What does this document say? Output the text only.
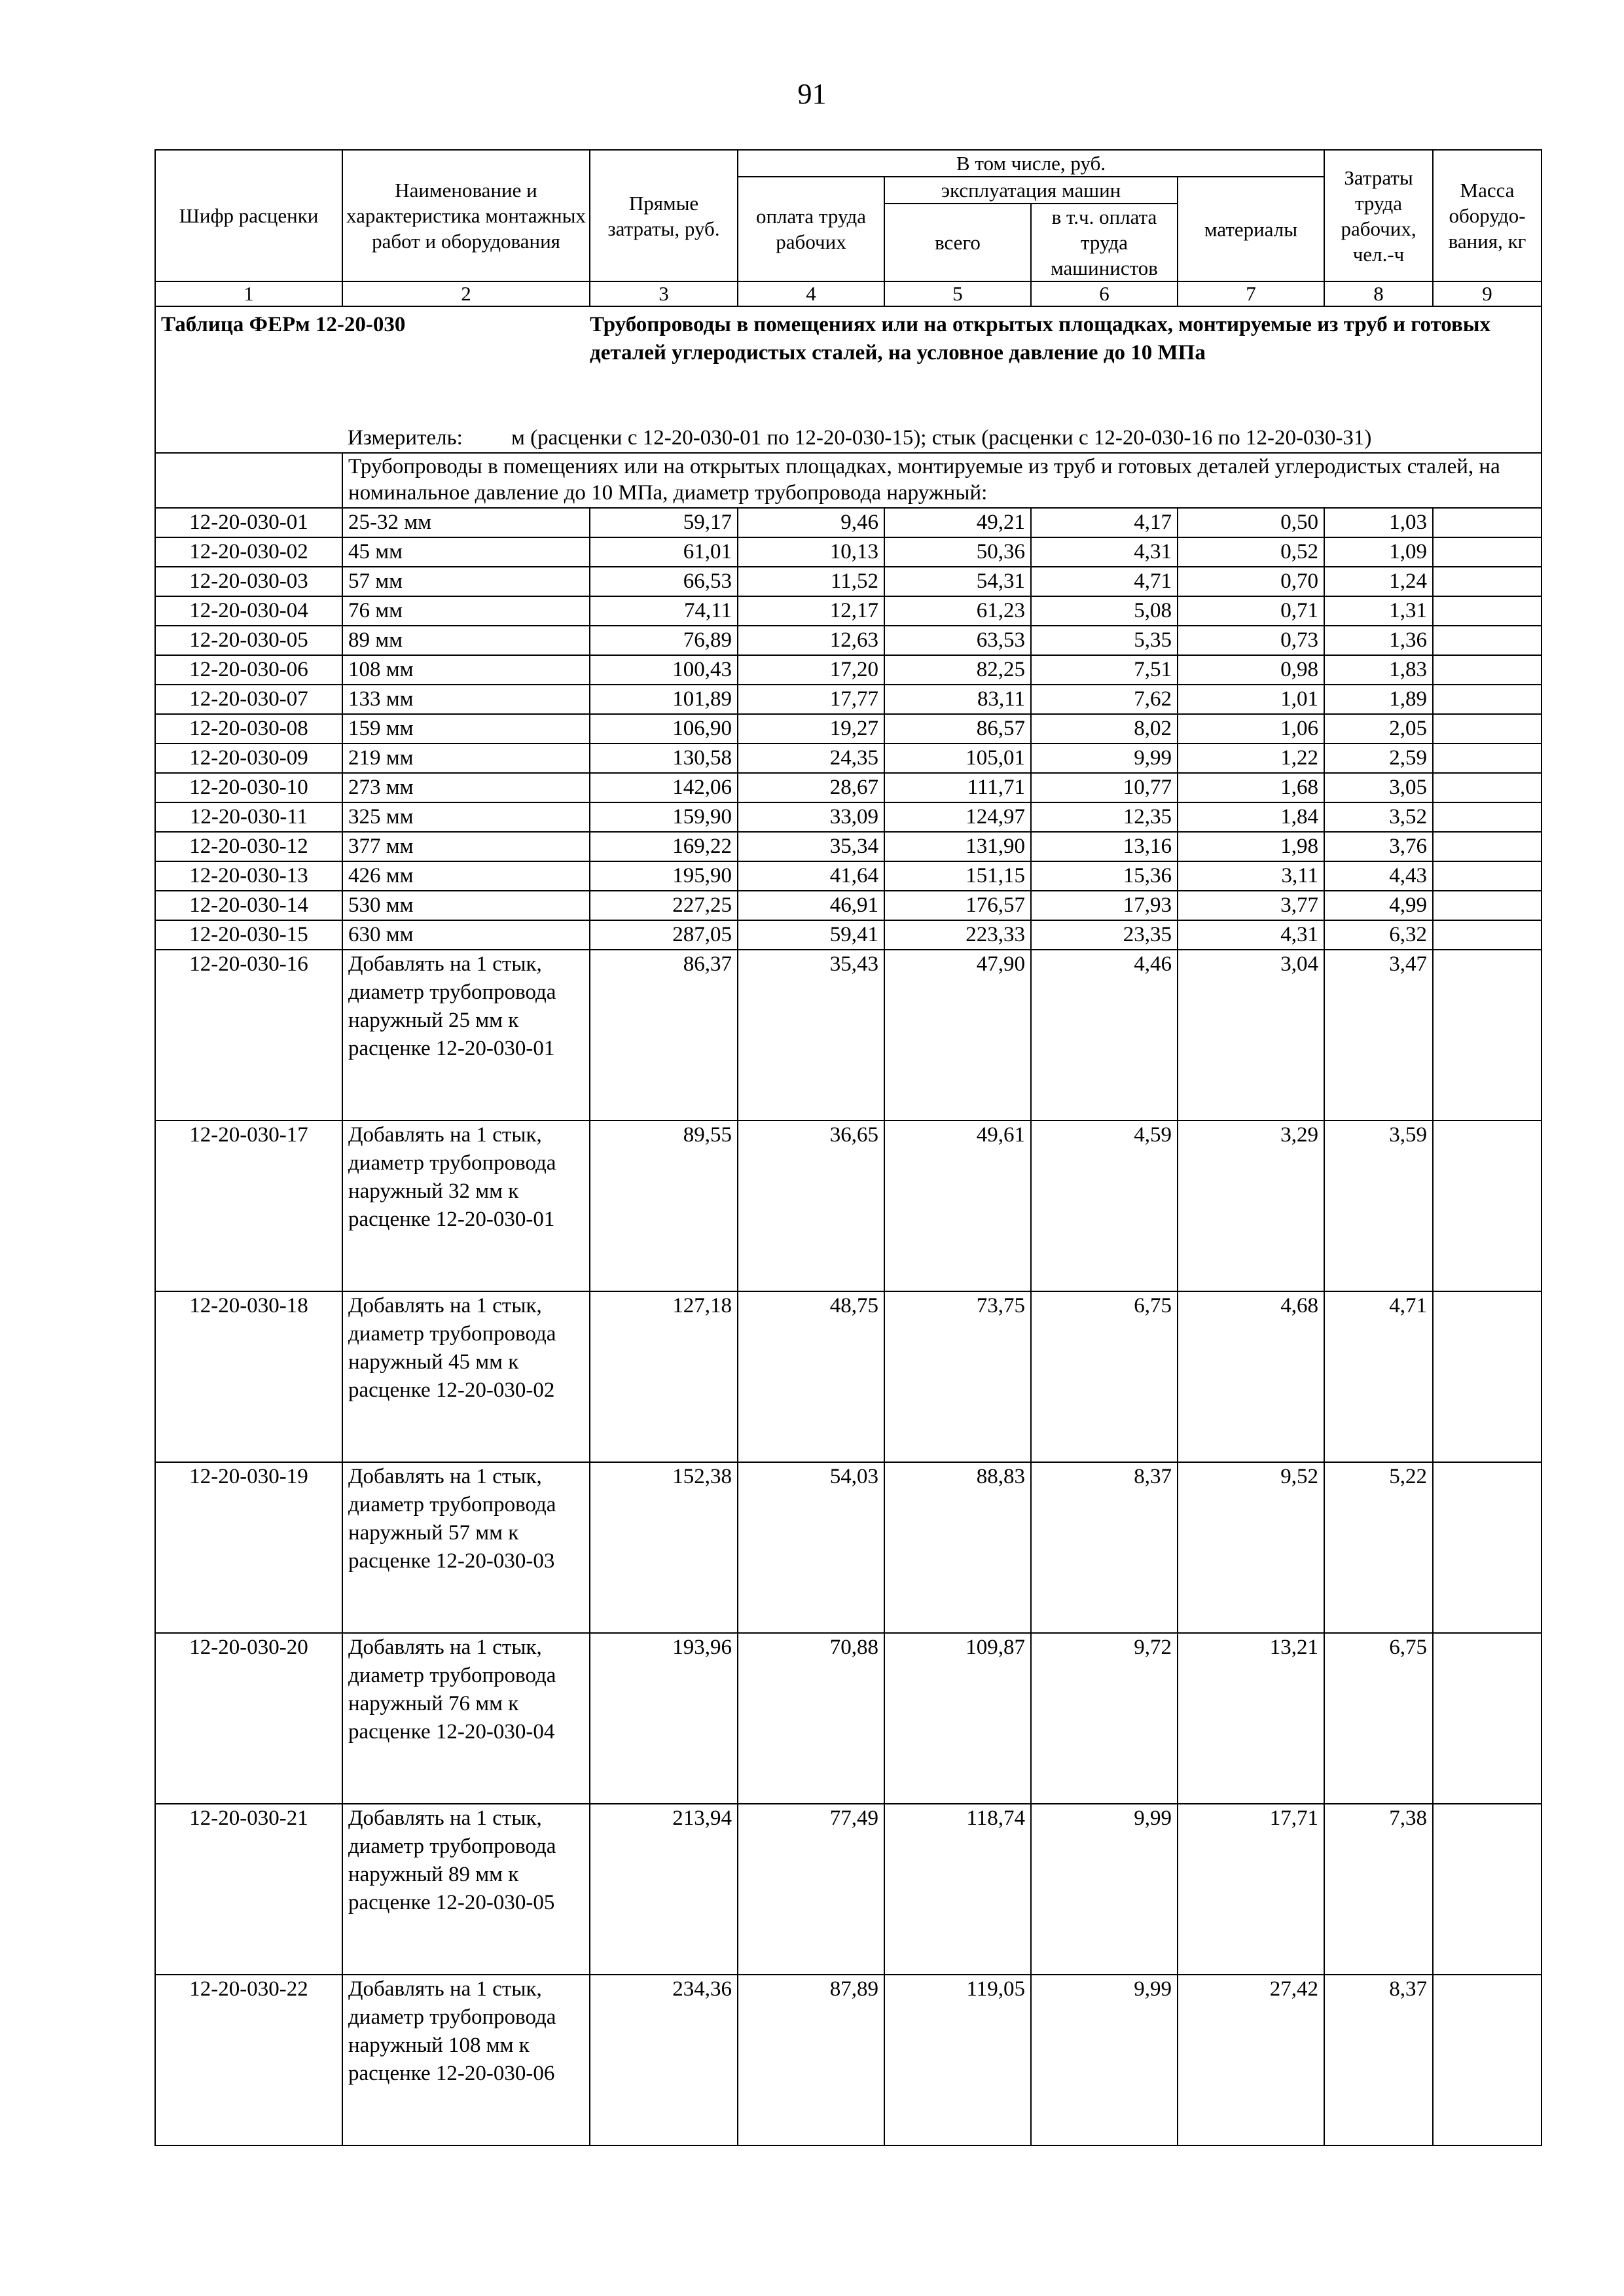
91
Шифр расценки	Наименование и характеристика монтажных работ и оборудования	Прямые затраты, руб.	В том числе, руб.				Затраты труда рабочих, чел.-ч	Масса оборудо-вания, кг
			оплата труда рабочих	эксплуатация машин		материалы		
				всего	в т.ч. оплата труда машинистов			
1	2	3	4	5	6	7	8	9
Таблица ФЕРм 12-20-030		Трубопроводы в помещениях или на открытых площадках, монтируемые из труб и готовых деталей углеродистых сталей, на условное давление до 10 МПа						
	Измеритель: м (расценки с 12-20-030-01 по 12-20-030-15); стык (расценки с 12-20-030-16 по 12-20-030-31)							
	Трубопроводы в помещениях или на открытых площадках, монтируемые из труб и готовых деталей углеродистых сталей, на номинальное давление до 10 МПа, диаметр трубопровода наружный:							
12-20-030-01	25-32 мм	59,17	9,46	49,21	4,17	0,50	1,03	
12-20-030-02	45 мм	61,01	10,13	50,36	4,31	0,52	1,09	
12-20-030-03	57 мм	66,53	11,52	54,31	4,71	0,70	1,24	
12-20-030-04	76 мм	74,11	12,17	61,23	5,08	0,71	1,31	
12-20-030-05	89 мм	76,89	12,63	63,53	5,35	0,73	1,36	
12-20-030-06	108 мм	100,43	17,20	82,25	7,51	0,98	1,83	
12-20-030-07	133 мм	101,89	17,77	83,11	7,62	1,01	1,89	
12-20-030-08	159 мм	106,90	19,27	86,57	8,02	1,06	2,05	
12-20-030-09	219 мм	130,58	24,35	105,01	9,99	1,22	2,59	
12-20-030-10	273 мм	142,06	28,67	111,71	10,77	1,68	3,05	
12-20-030-11	325 мм	159,90	33,09	124,97	12,35	1,84	3,52	
12-20-030-12	377 мм	169,22	35,34	131,90	13,16	1,98	3,76	
12-20-030-13	426 мм	195,90	41,64	151,15	15,36	3,11	4,43	
12-20-030-14	530 мм	227,25	46,91	176,57	17,93	3,77	4,99	
12-20-030-15	630 мм	287,05	59,41	223,33	23,35	4,31	6,32	
12-20-030-16	Добавлять на 1 стык, диаметр трубопровода наружный 25 мм к расценке 12-20-030-01	86,37	35,43	47,90	4,46	3,04	3,47	
12-20-030-17	Добавлять на 1 стык, диаметр трубопровода наружный 32 мм к расценке 12-20-030-01	89,55	36,65	49,61	4,59	3,29	3,59	
12-20-030-18	Добавлять на 1 стык, диаметр трубопровода наружный 45 мм к расценке 12-20-030-02	127,18	48,75	73,75	6,75	4,68	4,71	
12-20-030-19	Добавлять на 1 стык, диаметр трубопровода наружный 57 мм к расценке 12-20-030-03	152,38	54,03	88,83	8,37	9,52	5,22	
12-20-030-20	Добавлять на 1 стык, диаметр трубопровода наружный 76 мм к расценке 12-20-030-04	193,96	70,88	109,87	9,72	13,21	6,75	
12-20-030-21	Добавлять на 1 стык, диаметр трубопровода наружный 89 мм к расценке 12-20-030-05	213,94	77,49	118,74	9,99	17,71	7,38	
12-20-030-22	Добавлять на 1 стык, диаметр трубопровода наружный 108 мм к расценке 12-20-030-06	234,36	87,89	119,05	9,99	27,42	8,37	
